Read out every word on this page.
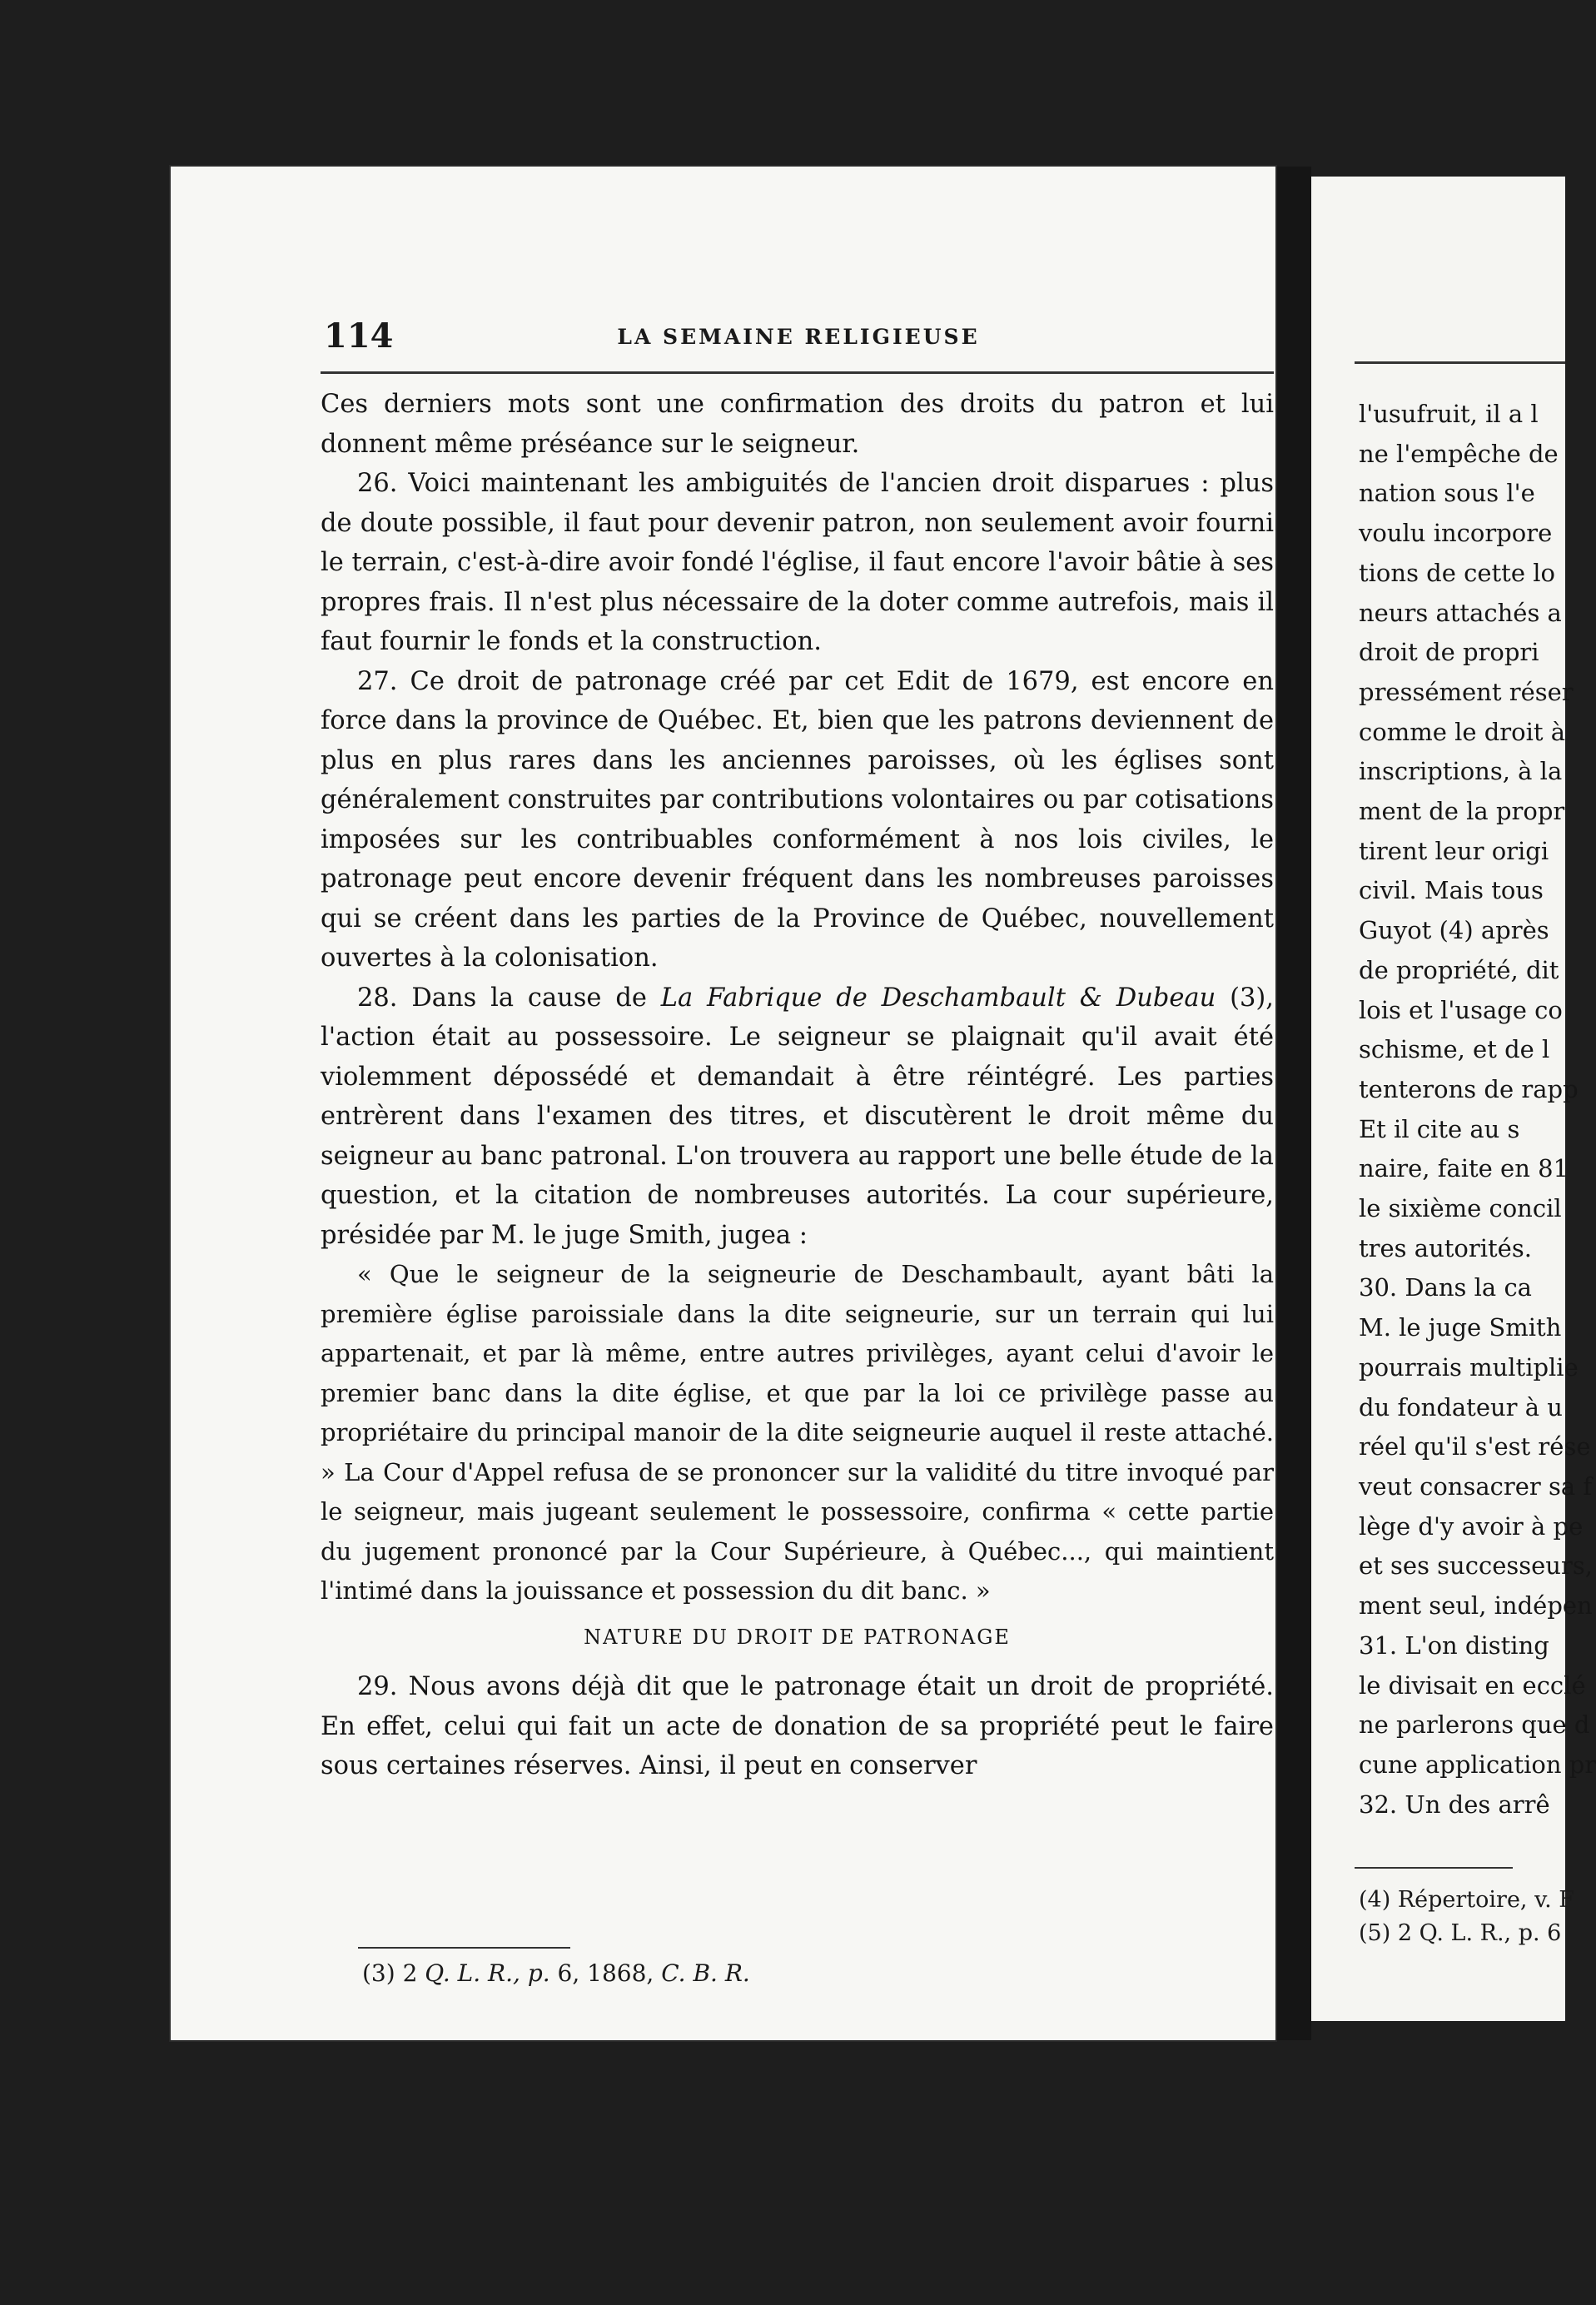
114	LA SEMAINE RELIGIEUSE

Ces derniers mots sont une confirmation des droits du patron et lui donnent même préséance sur le seigneur.

26. Voici maintenant les ambiguités de l'ancien droit disparues : plus de doute possible, il faut pour devenir patron, non seulement avoir fourni le terrain, c'est-à-dire avoir fondé l'église, il faut encore l'avoir bâtie à ses propres frais. Il n'est plus nécessaire de la doter comme autrefois, mais il faut fournir le fonds et la construction.

27. Ce droit de patronage créé par cet Edit de 1679, est encore en force dans la province de Québec. Et, bien que les patrons deviennent de plus en plus rares dans les anciennes paroisses, où les églises sont généralement construites par contributions volontaires ou par cotisations imposées sur les contribuables conformément à nos lois civiles, le patronage peut encore devenir fréquent dans les nombreuses paroisses qui se créent dans les parties de la Province de Québec, nouvellement ouvertes à la colonisation.

28. Dans la cause de La Fabrique de Deschambault & Dubeau (3), l'action était au possessoire. Le seigneur se plaignait qu'il avait été violemment dépossédé et demandait à être réintégré. Les parties entrèrent dans l'examen des titres, et discutèrent le droit même du seigneur au banc patronal. L'on trouvera au rapport une belle étude de la question, et la citation de nombreuses autorités. La cour supérieure, présidée par M. le juge Smith, jugea :

« Que le seigneur de la seigneurie de Deschambault, ayant bâti la première église paroissiale dans la dite seigneurie, sur un terrain qui lui appartenait, et par là même, entre autres privilèges, ayant celui d'avoir le premier banc dans la dite église, et que par la loi ce privilège passe au propriétaire du principal manoir de la dite seigneurie auquel il reste attaché. » La Cour d'Appel refusa de se prononcer sur la validité du titre invoqué par le seigneur, mais jugeant seulement le possessoire, confirma « cette partie du jugement prononcé par la Cour Supérieure, à Québec..., qui maintient l'intimé dans la jouissance et possession du dit banc. »

NATURE DU DROIT DE PATRONAGE

29. Nous avons déjà dit que le patronage était un droit de propriété. En effet, celui qui fait un acte de donation de sa propriété peut le faire sous certaines réserves. Ainsi, il peut en conserver

(3) 2 Q. L. R., p. 6, 1868, C. B. R.
l'usufruit, il a l
ne l'empêche de
nation sous l'e
voulu incorpore
tions de cette lo
neurs attachés a
droit de propri
pressément réser
comme le droit à
inscriptions, à la
ment de la propr
tirent leur origi
civil. Mais tous
Guyot (4) après
de propriété, dit
lois et l'usage co
schisme, et de l
tenterons de rapp
Et il cite au s
naire, faite en 81
le sixième concil
tres autorités.
30. Dans la ca
M. le juge Smith
pourrais multiplie
du fondateur à u
réel qu'il s'est rése
veut consacrer sa f
lège d'y avoir à pe
et ses successeurs,
ment seul, indépen
31. L'on disting
le divisait en ecclé
ne parlerons que d
cune application pr
32. Un des arrê
(4) Répertoire, v. F
(5) 2 Q. L. R., p. 6
